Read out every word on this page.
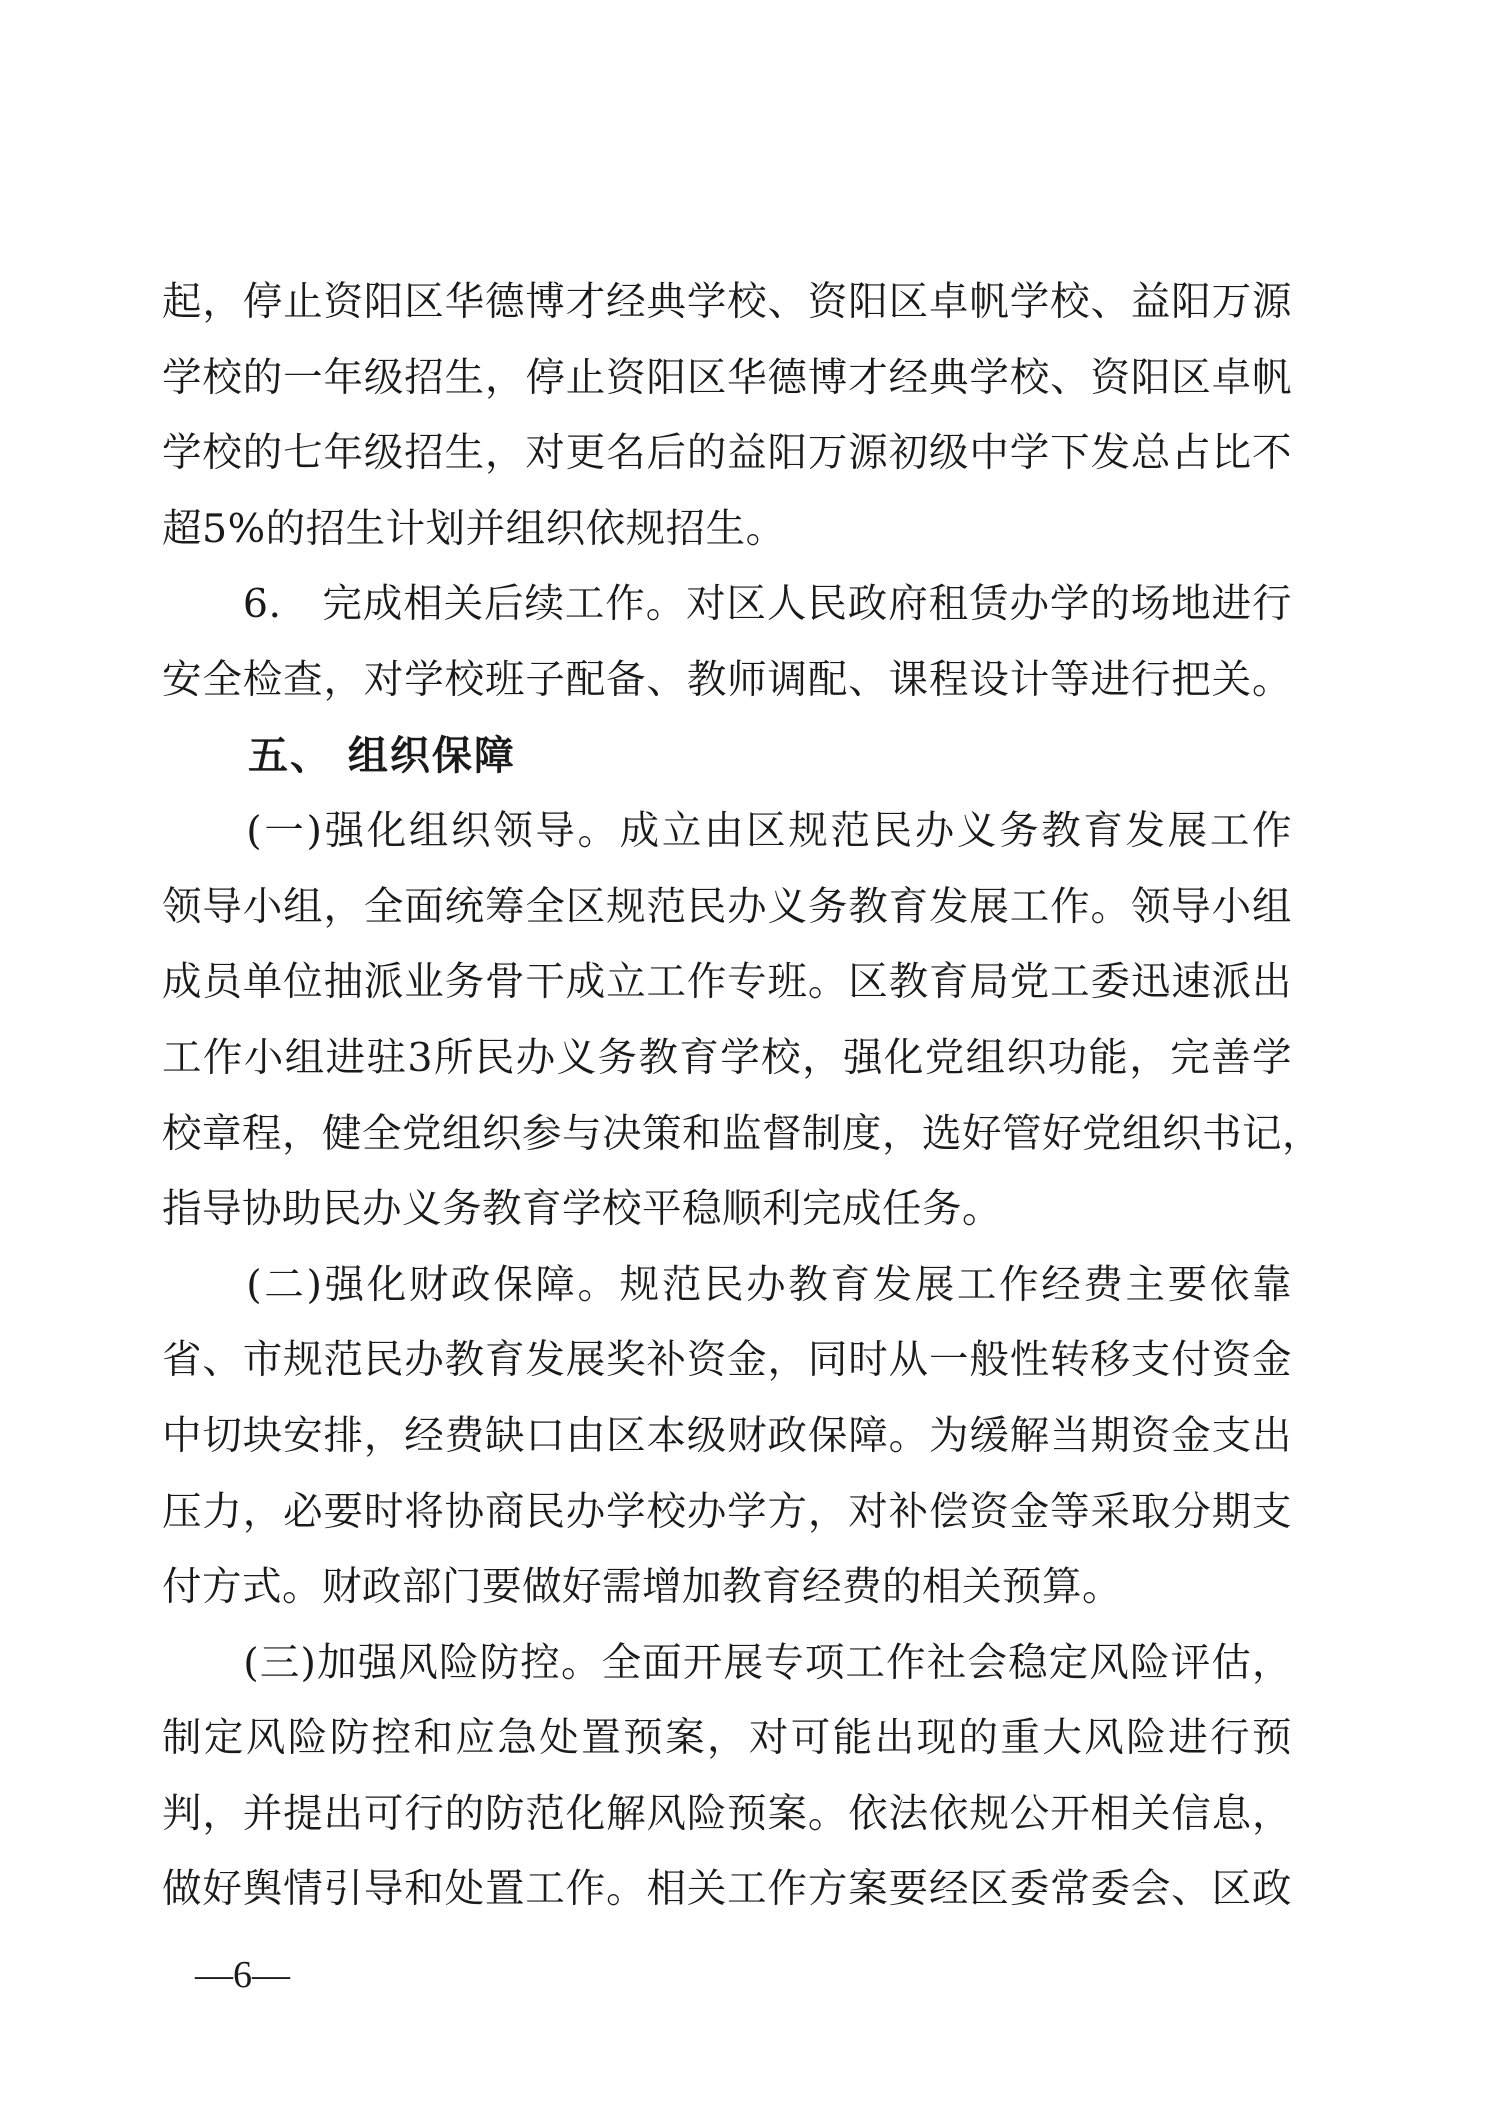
起，停止资阳区华德博才经典学校、资阳区卓帆学校、益阳万源
学校的一年级招生，停止资阳区华德博才经典学校、资阳区卓帆
学校的七年级招生，对更名后的益阳万源初级中学下发总占比不
超5%的招生计划并组织依规招生。
　　6.　完成相关后续工作。对区人民政府租赁办学的场地进行
安全检查，对学校班子配备、教师调配、课程设计等进行把关。
五、 组织保障
　　(一)强化组织领导。成立由区规范民办义务教育发展工作
领导小组，全面统筹全区规范民办义务教育发展工作。领导小组
成员单位抽派业务骨干成立工作专班。区教育局党工委迅速派出
工作小组进驻3所民办义务教育学校，强化党组织功能，完善学
校章程，健全党组织参与决策和监督制度，选好管好党组织书记，
指导协助民办义务教育学校平稳顺利完成任务。
　　(二)强化财政保障。规范民办教育发展工作经费主要依靠
省、市规范民办教育发展奖补资金，同时从一般性转移支付资金
中切块安排，经费缺口由区本级财政保障。为缓解当期资金支出
压力，必要时将协商民办学校办学方，对补偿资金等采取分期支
付方式。财政部门要做好需增加教育经费的相关预算。
　　(三)加强风险防控。全面开展专项工作社会稳定风险评估，
制定风险防控和应急处置预案，对可能出现的重大风险进行预
判，并提出可行的防范化解风险预案。依法依规公开相关信息，
做好舆情引导和处置工作。相关工作方案要经区委常委会、区政
—6—
